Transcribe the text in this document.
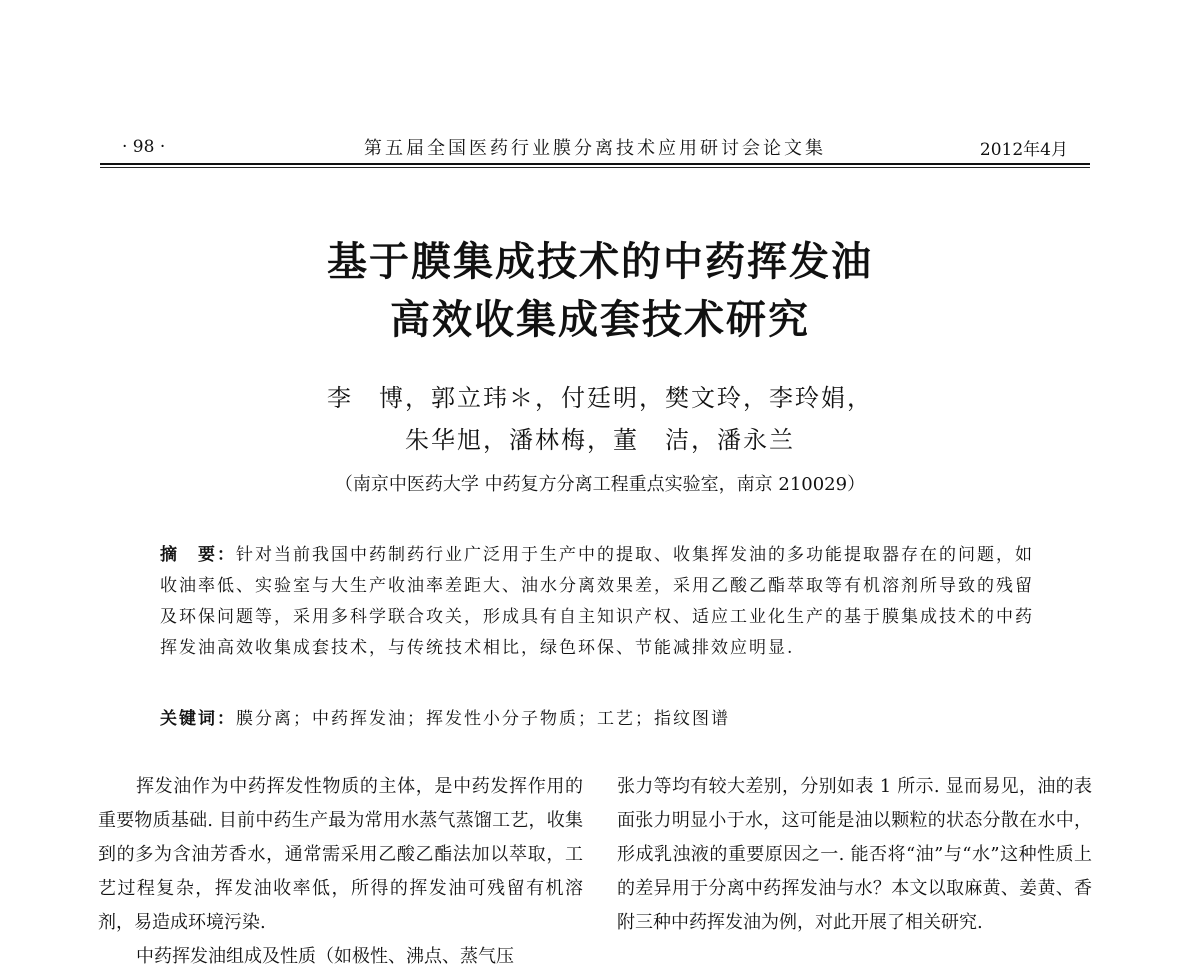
· 98 ·	第五届全国医药行业膜分离技术应用研讨会论文集	2012年4月
基于膜集成技术的中药挥发油
高效收集成套技术研究
李　博，郭立玮＊，付廷明，樊文玲，李玲娟，
朱华旭，潘林梅，董　洁，潘永兰
（南京中医药大学 中药复方分离工程重点实验室，南京 210029）
摘　要：针对当前我国中药制药行业广泛用于生产中的提取、收集挥发油的多功能提取器存在的问题，如收油率低、实验室与大生产收油率差距大、油水分离效果差，采用乙酸乙酯萃取等有机溶剂所导致的残留及环保问题等，采用多科学联合攻关，形成具有自主知识产权、适应工业化生产的基于膜集成技术的中药挥发油高效收集成套技术，与传统技术相比，绿色环保、节能减排效应明显.
关键词：膜分离；中药挥发油；挥发性小分子物质；工艺；指纹图谱

挥发油作为中药挥发性物质的主体，是中药发挥作用的重要物质基础. 目前中药生产最为常用水蒸气蒸馏工艺，收集到的多为含油芳香水，通常需采用乙酸乙酯法加以萃取，工艺过程复杂，挥发油收率低，所得的挥发油可残留有机溶剂，易造成环境污染.

中药挥发油组成及性质（如极性、沸点、蒸气压

张力等均有较大差别，分别如表 1 所示. 显而易见，油的表面张力明显小于水，这可能是油以颗粒的状态分散在水中，形成乳浊液的重要原因之一. 能否将“油”与“水”这种性质上的差异用于分离中药挥发油与水？本文以取麻黄、姜黄、香附三种中药挥发油为例，对此开展了相关研究.
